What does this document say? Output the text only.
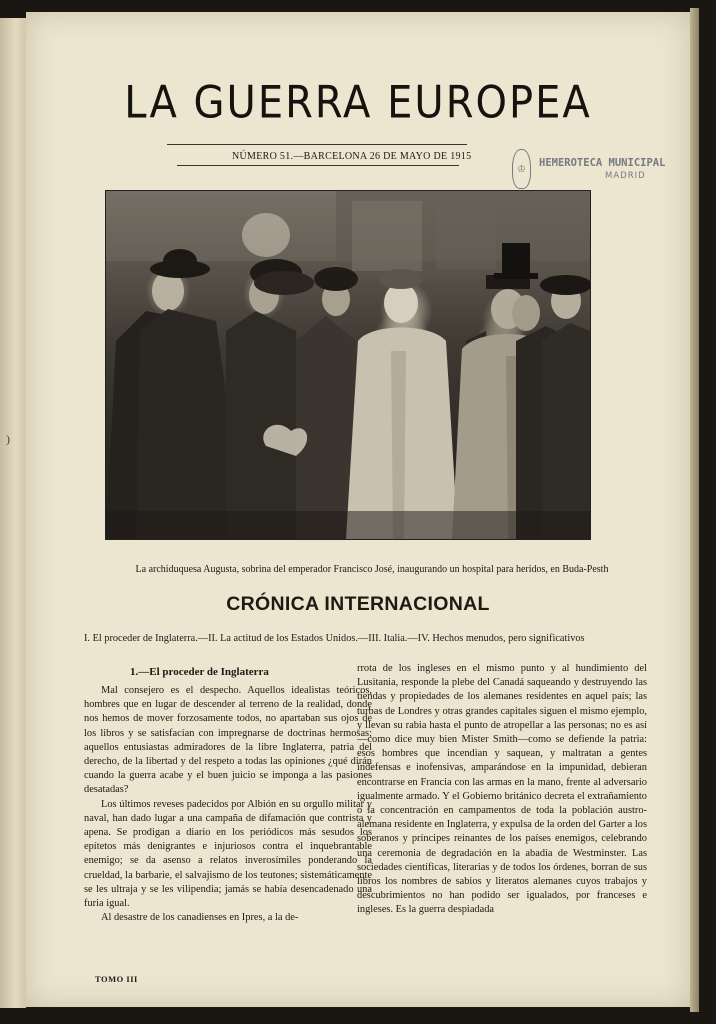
)
LA GUERRA EUROPEA
NÚMERO 51.—BARCELONA 26 DE MAYO DE 1915
♔	HEMEROTECA MUNICIPAL
MADRID
La archiduquesa Augusta, sobrina del emperador Francisco José, inaugurando un hospital para heridos, en Buda-Pesth
CRÓNICA INTERNACIONAL
I. El proceder de Inglaterra.—II. La actitud de los Estados Unidos.—III. Italia.—IV. Hechos menudos, pero significativos
1.—El proceder de Inglaterra

Mal consejero es el despecho. Aquellos idealistas teóricos, hombres que en lugar de descender al terreno de la realidad, donde nos hemos de mover forzosamente todos, no apartaban sus ojos de los libros y se satisfacían con impregnarse de doctrinas hermosas; aquellos entusiastas admiradores de la libre Inglaterra, patria del derecho, de la libertad y del respeto a todas las opiniones ¿qué dirán cuando la guerra acabe y el buen juicio se imponga a las pasiones desatadas?

Los últimos reveses padecidos por Albión en su orgullo militar y naval, han dado lugar a una campaña de difamación que contrista y apena. Se prodigan a diario en los periódicos más sesudos los epítetos más denigrantes e injuriosos contra el inquebrantable enemigo; se da asenso a relatos inverosímiles ponderando la crueldad, la barbarie, el salvajismo de los teutones; sistemáticamente se les ultraja y se les vilipendia; jamás se había desencadenado una furia igual.

Al desastre de los canadienses en Ipres, a la de-

rrota de los ingleses en el mismo punto y al hundimiento del Lusitania, responde la plebe del Canadá saqueando y destruyendo las tiendas y propiedades de los alemanes residentes en aquel país; las turbas de Londres y otras grandes capitales siguen el mismo ejemplo, y llevan su rabia hasta el punto de atropellar a las personas; no es así—como dice muy bien Mister Smith—como se defiende la patria: esos hombres que incendian y saquean, y maltratan a gentes indefensas e inofensivas, amparándose en la impunidad, debieran encontrarse en Francia con las armas en la mano, frente al adversario igualmente armado. Y el Gobierno británico decreta el extrañamiento o la concentración en campamentos de toda la población austro-alemana residente en Inglaterra, y expulsa de la orden del Garter a los soberanos y príncipes reinantes de los países enemigos, celebrando una ceremonia de degradación en la abadía de Westminster. Las sociedades científicas, literarias y de todos los órdenes, borran de sus libros los nombres de sabios y literatos alemanes cuyos trabajos y descubrimientos no han podido ser igualados, por franceses e ingleses. Es la guerra despiadada

TOMO III
